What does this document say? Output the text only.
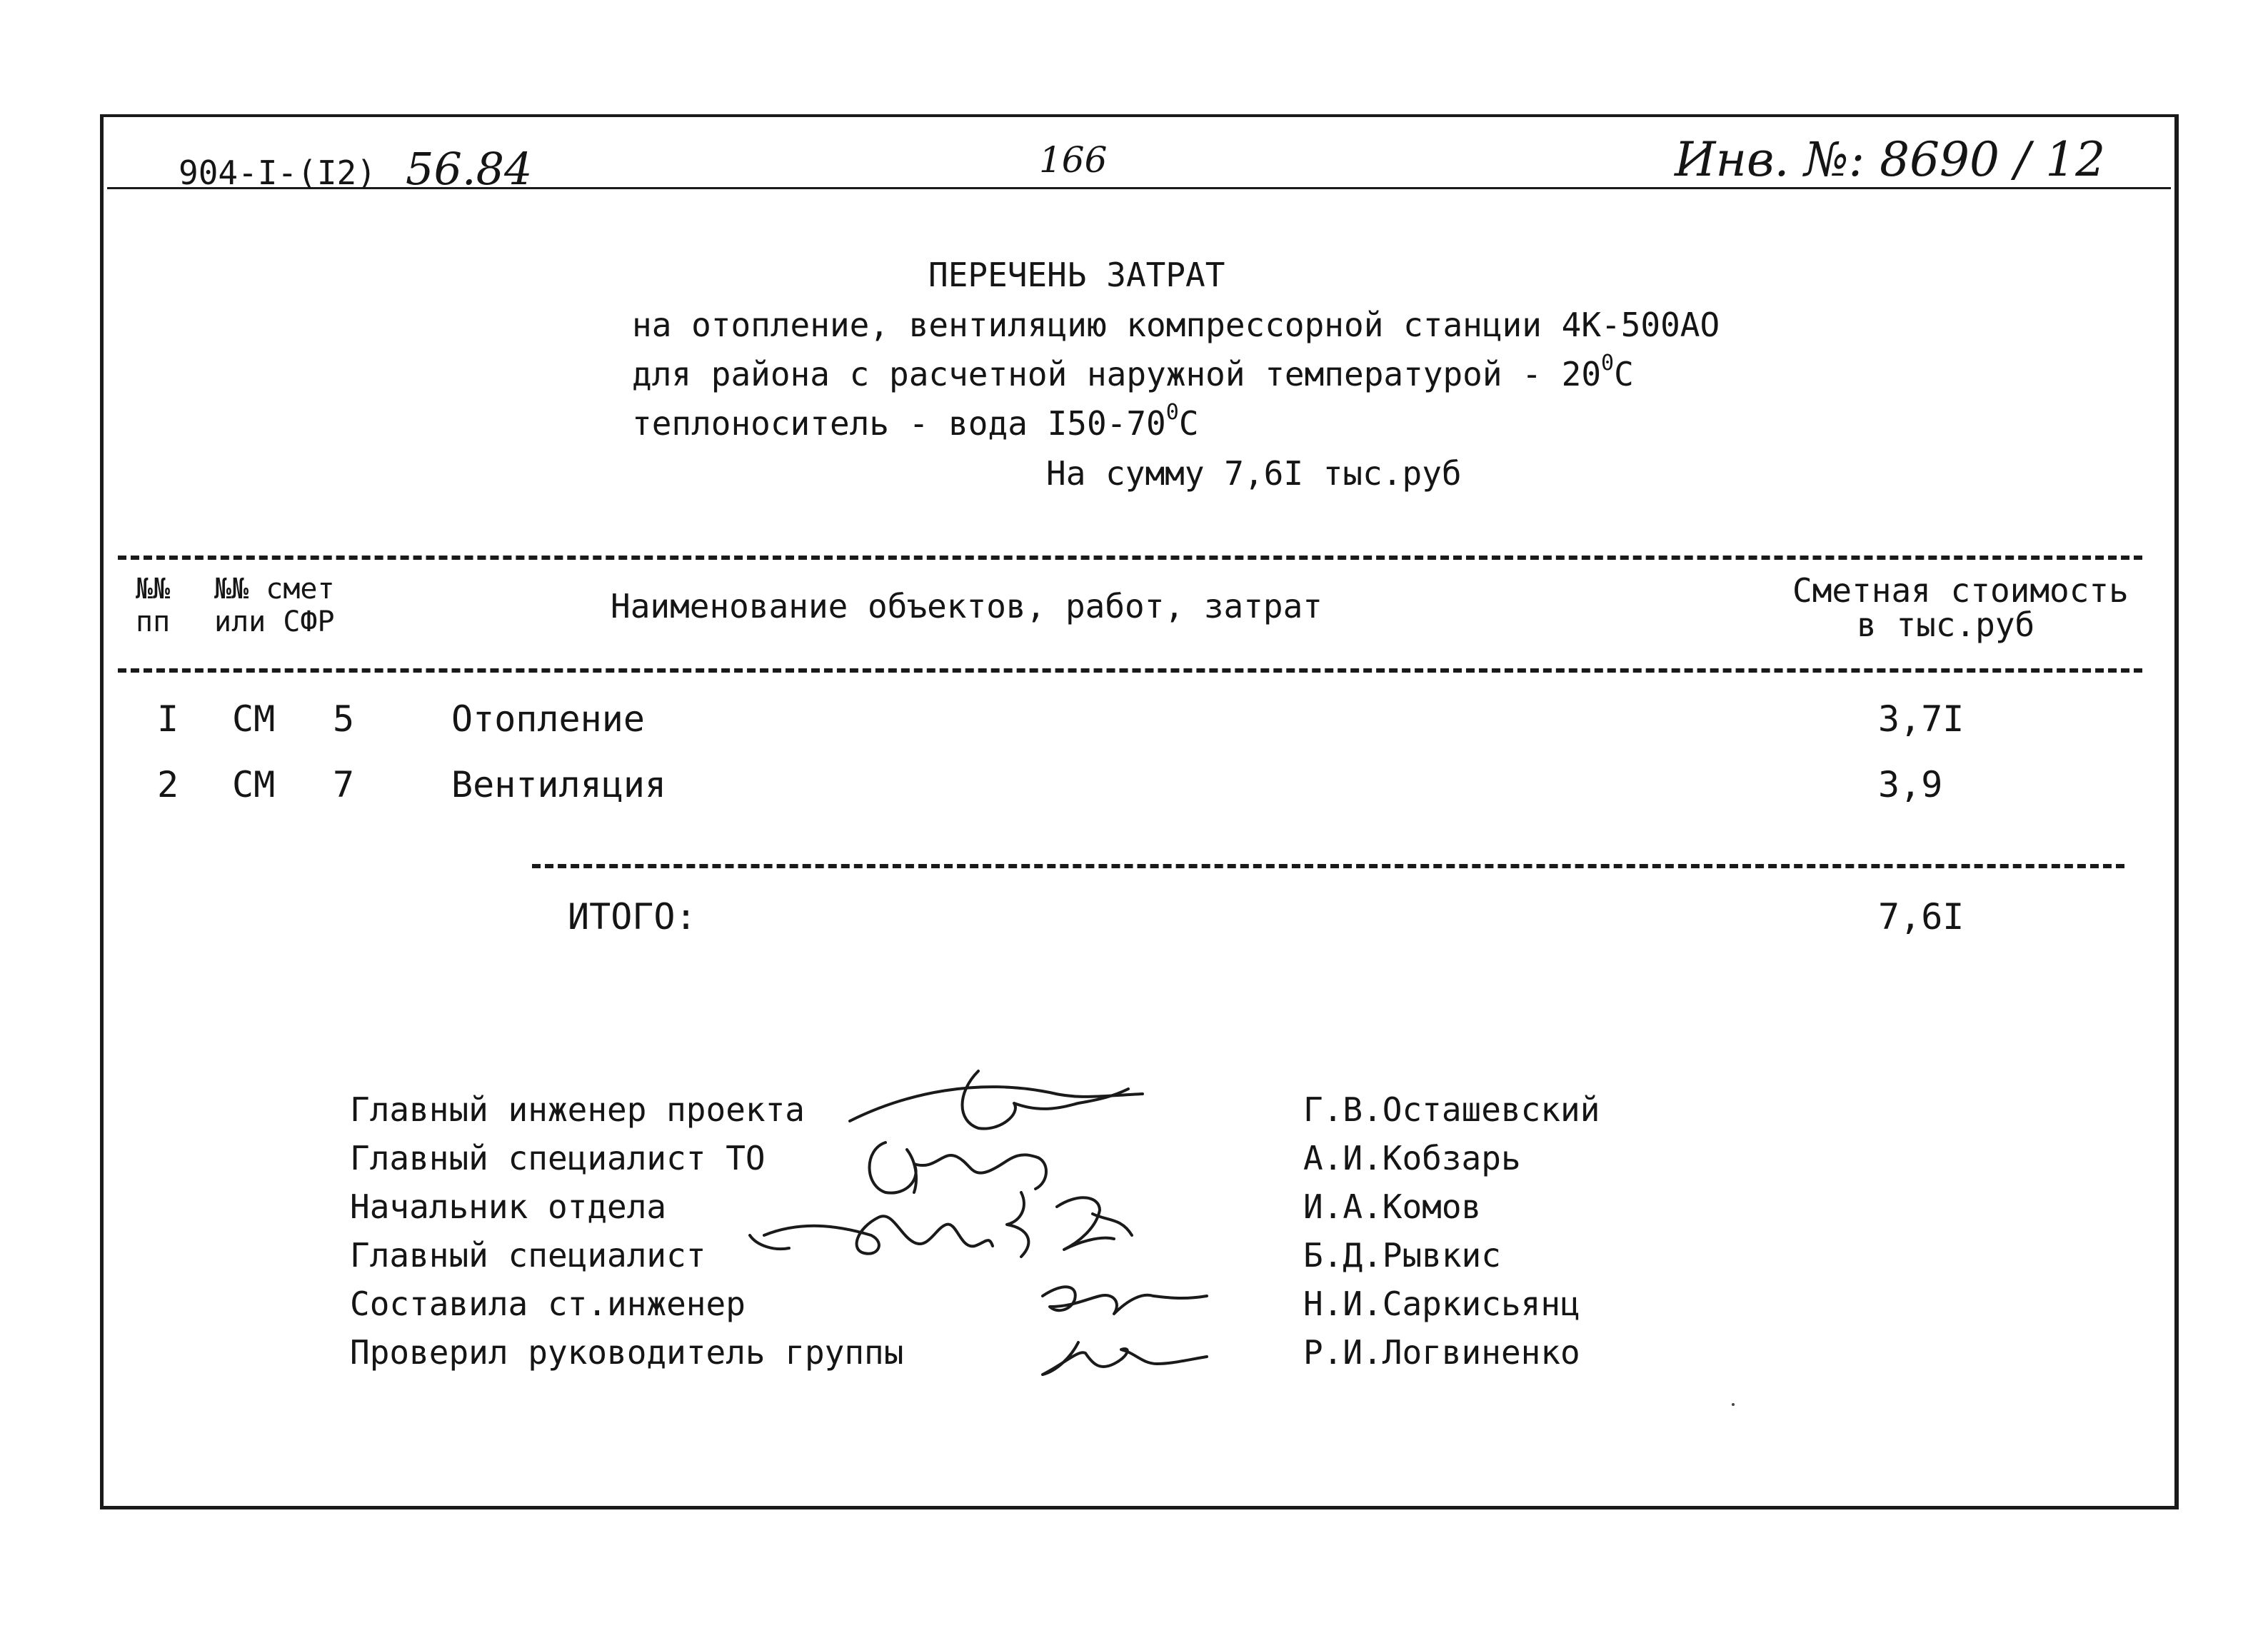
904-I-(I2) 56.84	166	Инв. №: 8690 / 12
ПЕРЕЧЕНЬ ЗАТРАТ
на отопление, вентиляцию компрессорной станции 4К-500АО
для района с расчетной наружной температурой - $20^0С$
теплоноситель - вода $I50-70^0С$
На сумму 7,6I тыс.руб
№№
пп
№№ смет
или СФР	Наименование объектов, работ, затрат	Сметная стоимость
в тыс.руб
I СМ 5	Отопление	3,7I
2 СМ 7	Вентиляция	3,9
ИТОГО:	7,6I
Главный инженер проекта	Г.В.Осташевский
Главный специалист ТО	А.И.Кобзарь
Начальник отдела	И.А.Комов
Главный специалист	Б.Д.Рывкис
Составила ст.инженер	Н.И.Саркисьянц
Проверил руководитель группы	Р.И.Логвиненко
